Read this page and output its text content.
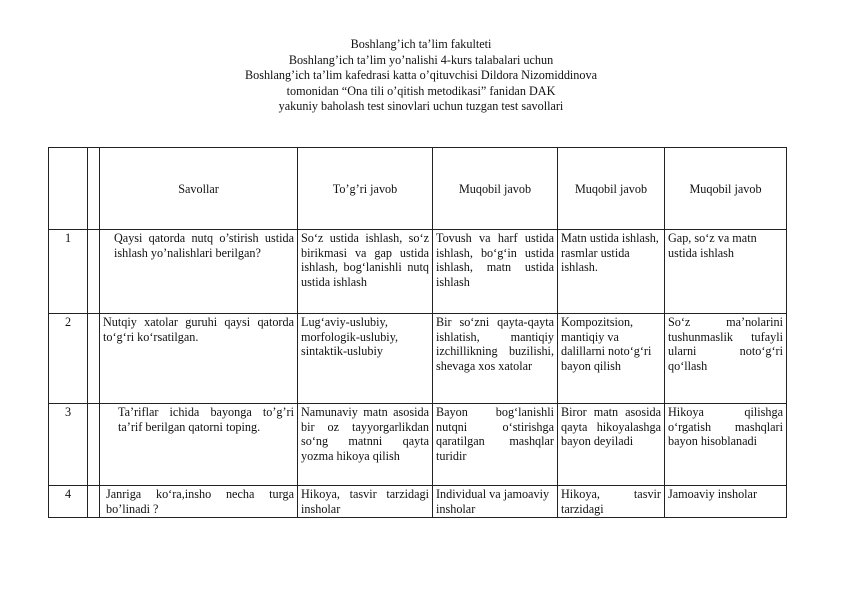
Boshlang’ich ta’lim fakulteti
Boshlang’ich ta’lim yo’nalishi 4-kurs talabalari uchun
Boshlang’ich ta’lim kafedrasi katta o’qituvchisi Dildora Nizomiddinova
tomonidan “Ona tili o’qitish metodikasi” fanidan DAK
yakuniy baholash test sinovlari uchun tuzgan test savollari
		Savollar	To’g’ri javob	Muqobil javob	Muqobil javob	Muqobil javob
1		Qaysi qatorda nutq o’stirish ustida ishlash yo’nalishlari berilgan?	So‘z ustida ishlash, so‘z birikmasi va gap ustida ishlash, bog‘lanishli nutq ustida ishlash	Tovush va harf ustida ishlash, bo‘g‘in ustida ishlash, matn ustida ishlash	Matn ustida ishlash, rasmlar ustida ishlash.	Gap, so‘z va matn ustida ishlash
2		Nutqiy xatolar guruhi qaysi qatorda to‘g‘ri ko‘rsatilgan.	Lug‘aviy-uslubiy, morfologik-uslubiy, sintaktik-uslubiy	Bir so‘zni qayta-qayta ishlatish, mantiqiy izchillikning buzilishi, shevaga xos xatolar	Kompozitsion, mantiqiy va dalillarni noto‘g‘ri bayon qilish	So‘z ma’nolarini tushunmaslik tufayli ularni noto‘g‘ri qo‘llash
3		Ta’riflar ichida bayonga to’g’ri ta’rif berilgan qatorni toping.	Namunaviy matn asosida bir oz tayyorgarlikdan so‘ng matnni qayta yozma hikoya qilish	Bayon bog‘lanishli nutqni o‘stirishga qaratilgan mashqlar turidir	Biror matn asosida qayta hikoyalashga bayon deyiladi	Hikoya qilishga o‘rgatish mashqlari bayon hisoblanadi
4		Janriga ko‘ra,insho necha turga bo’linadi ?	Hikoya, tasvir tarzidagi insholar	Individual va jamoaviy insholar	Hikoya, tasvir tarzidagi	Jamoaviy insholar
